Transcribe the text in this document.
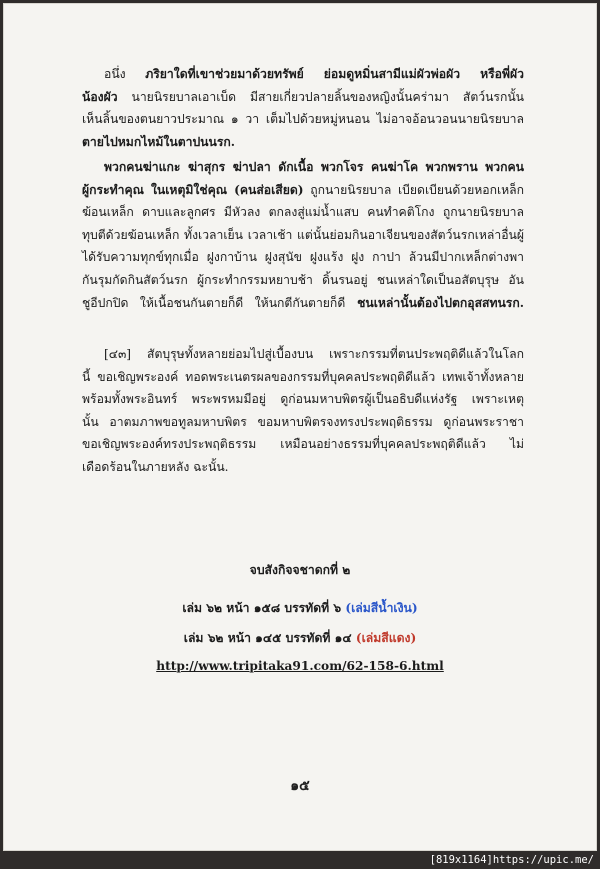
อนึ่ง ภริยาใดที่เขาช่วยมาด้วยทรัพย์ ย่อมดูหมิ่นสามีแม่ผัวพ่อผัว หรือพี่ผัว
น้องผัว นายนิรยบาลเอาเบ็ด มีสายเกี่ยวปลายลิ้นของหญิงนั้นคร่ามา สัตว์นรกนั้น
เห็นลิ้นของตนยาวประมาณ ๑ วา เต็มไปด้วยหมู่หนอน ไม่อาจอ้อนวอนนายนิรยบาล
ตายไปหมกไหม้ในตาปนนรก.
พวกคนฆ่าแกะ ฆ่าสุกร ฆ่าปลา ดักเนื้อ พวกโจร คนฆ่าโค พวกพราน พวกคน
ผู้กระทำคุณ ในเหตุมิใช่คุณ (คนส่อเสียด) ถูกนายนิรยบาล เบียดเบียนด้วยหอกเหล็ก
ฆ้อนเหล็ก ดาบและลูกศร มีหัวลง ตกลงสู่แม่น้ำแสบ คนทำคติโกง ถูกนายนิรยบาล
ทุบตีด้วยฆ้อนเหล็ก ทั้งเวลาเย็น เวลาเช้า แต่นั้นย่อมกินอาเจียนของสัตว์นรกเหล่าอื่นผู้
ได้รับความทุกข์ทุกเมื่อ ฝูงกาบ้าน ฝูงสุนัข ฝูงแร้ง ฝูง กาปา ล้วนมีปากเหล็กต่างพา
กันรุมกัดกินสัตว์นรก ผู้กระทำกรรมหยาบช้า ดิ้นรนอยู่ ชนเหล่าใดเป็นอสัตบุรุษ อัน
ชูอีปกปิด ให้เนื้อชนกันตายก็ดี ให้นกตีกันตายก็ดี ชนเหล่านั้นต้องไปตกอุสสทนรก.
[๔๓] สัตบุรุษทั้งหลายย่อมไปสู่เบื้องบน เพราะกรรมที่ตนประพฤติดีแล้วในโลก
นี้ ขอเชิญพระองค์ ทอดพระเนตรผลของกรรมที่บุคคลประพฤติดีแล้ว เทพเจ้าทั้งหลาย
พร้อมทั้งพระอินทร์ พระพรหมมีอยู่ ดูก่อนมหาบพิตรผู้เป็นอธิบดีแห่งรัฐ เพราะเหตุ
นั้น อาตมภาพขอทูลมหาบพิตร ขอมหาบพิตรจงทรงประพฤติธรรม ดูก่อนพระราชา
ขอเชิญพระองค์ทรงประพฤติธรรม เหมือนอย่างธรรมที่บุคคลประพฤติดีแล้ว ไม่
เดือดร้อนในภายหลัง ฉะนั้น.
จบสังกิจจชาดกที่ ๒
เล่ม ๖๒ หน้า ๑๕๘ บรรทัดที่ ๖ (เล่มสีน้ำเงิน)
เล่ม ๖๒ หน้า ๑๔๕ บรรทัดที่ ๑๔ (เล่มสีแดง)
http://www.tripitaka91.com/62-158-6.html
๑๕
[819x1164]https://upic.me/
